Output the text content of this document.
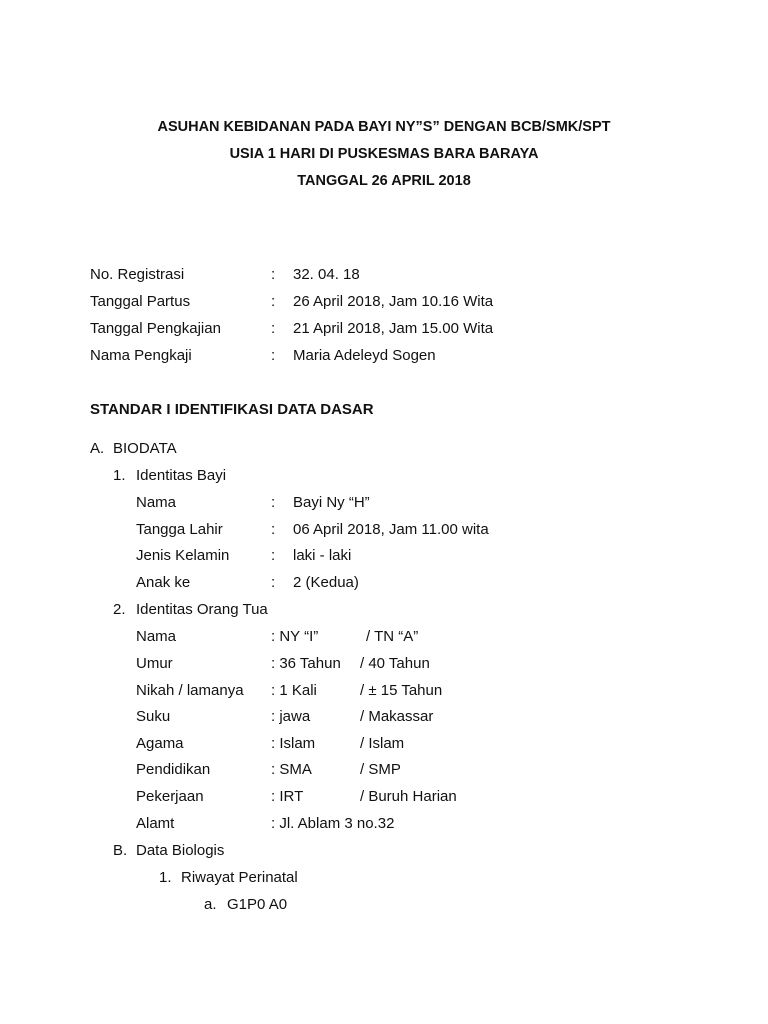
ASUHAN KEBIDANAN PADA BAYI NY”S” DENGAN BCB/SMK/SPT
USIA 1 HARI DI PUSKESMAS BARA BARAYA
TANGGAL 26 APRIL 2018
No. Registrasi	: 32. 04. 18
Tanggal Partus	: 26 April 2018, Jam 10.16 Wita
Tanggal Pengkajian	: 21 April 2018, Jam 15.00 Wita
Nama Pengkaji	: Maria Adeleyd Sogen
STANDAR I IDENTIFIKASI DATA DASAR
A. BIODATA
1. Identitas Bayi
Nama	: Bayi Ny “H”
Tangga Lahir	: 06 April 2018, Jam 11.00 wita
Jenis Kelamin	: laki - laki
Anak ke	: 2 (Kedua)
2. Identitas Orang Tua
Nama	: NY “I”	/ TN “A”
Umur	: 36 Tahun / 40 Tahun
Nikah / lamanya : 1 Kali	/ ± 15 Tahun
Suku	: jawa	/ Makassar
Agama	: Islam	/ Islam
Pendidikan	: SMA	/ SMP
Pekerjaan	: IRT	/ Buruh Harian
Alamt	: Jl. Ablam 3 no.32
B. Data Biologis
1. Riwayat Perinatal
a. G1P0 A0
